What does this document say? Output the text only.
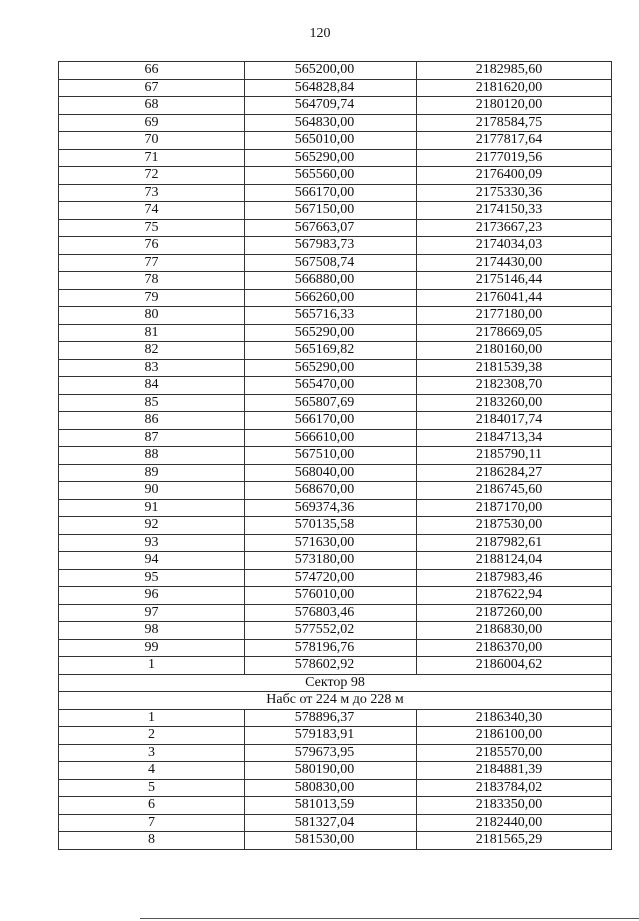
120
66	565200,00	2182985,60
67	564828,84	2181620,00
68	564709,74	2180120,00
69	564830,00	2178584,75
70	565010,00	2177817,64
71	565290,00	2177019,56
72	565560,00	2176400,09
73	566170,00	2175330,36
74	567150,00	2174150,33
75	567663,07	2173667,23
76	567983,73	2174034,03
77	567508,74	2174430,00
78	566880,00	2175146,44
79	566260,00	2176041,44
80	565716,33	2177180,00
81	565290,00	2178669,05
82	565169,82	2180160,00
83	565290,00	2181539,38
84	565470,00	2182308,70
85	565807,69	2183260,00
86	566170,00	2184017,74
87	566610,00	2184713,34
88	567510,00	2185790,11
89	568040,00	2186284,27
90	568670,00	2186745,60
91	569374,36	2187170,00
92	570135,58	2187530,00
93	571630,00	2187982,61
94	573180,00	2188124,04
95	574720,00	2187983,46
96	576010,00	2187622,94
97	576803,46	2187260,00
98	577552,02	2186830,00
99	578196,76	2186370,00
1	578602,92	2186004,62
Сектор 98		
Набс от 224 м до 228 м		
1	578896,37	2186340,30
2	579183,91	2186100,00
3	579673,95	2185570,00
4	580190,00	2184881,39
5	580830,00	2183784,02
6	581013,59	2183350,00
7	581327,04	2182440,00
8	581530,00	2181565,29
